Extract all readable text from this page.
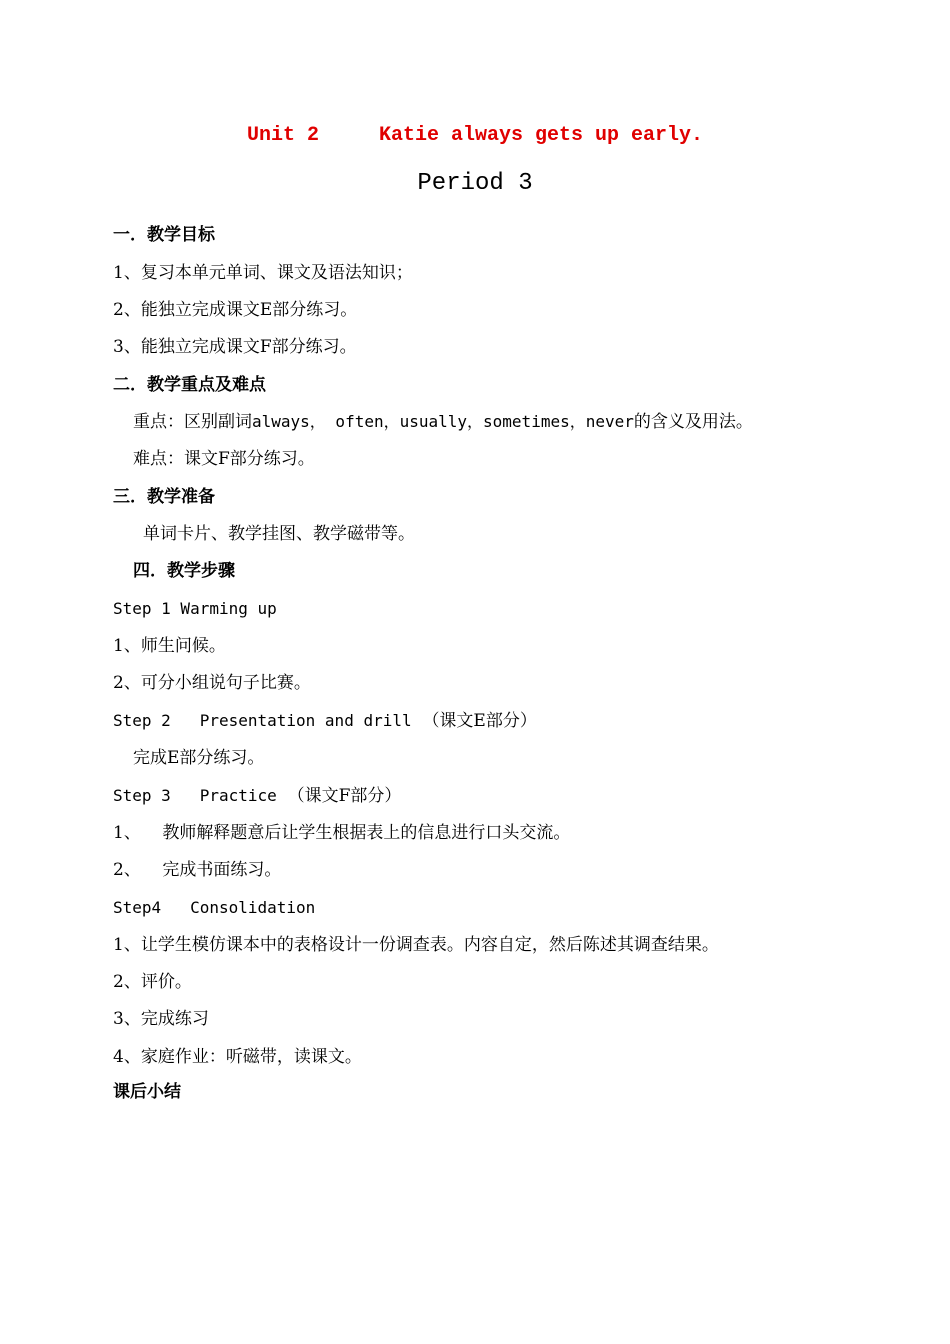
Unit 2	Katie always gets up early.
Period 3
一．教学目标
1、复习本单元单词、课文及语法知识；
2、能独立完成课文E部分练习。
3、能独立完成课文F部分练习。
二．教学重点及难点
重点：区别副词always， often，usually，sometimes，never的含义及用法。
难点：课文F部分练习。
三．教学准备
单词卡片、教学挂图、教学磁带等。
四．教学步骤
Step 1 Warming up
1、师生问候。
2、可分小组说句子比赛。
Step 2   Presentation and drill （课文E部分）
完成E部分练习。
Step 3   Practice （课文F部分）
1、    教师解释题意后让学生根据表上的信息进行口头交流。
2、    完成书面练习。
Step4   Consolidation
1、让学生模仿课本中的表格设计一份调查表。内容自定，然后陈述其调查结果。
2、评价。
3、完成练习
4、家庭作业：听磁带，读课文。
课后小结
